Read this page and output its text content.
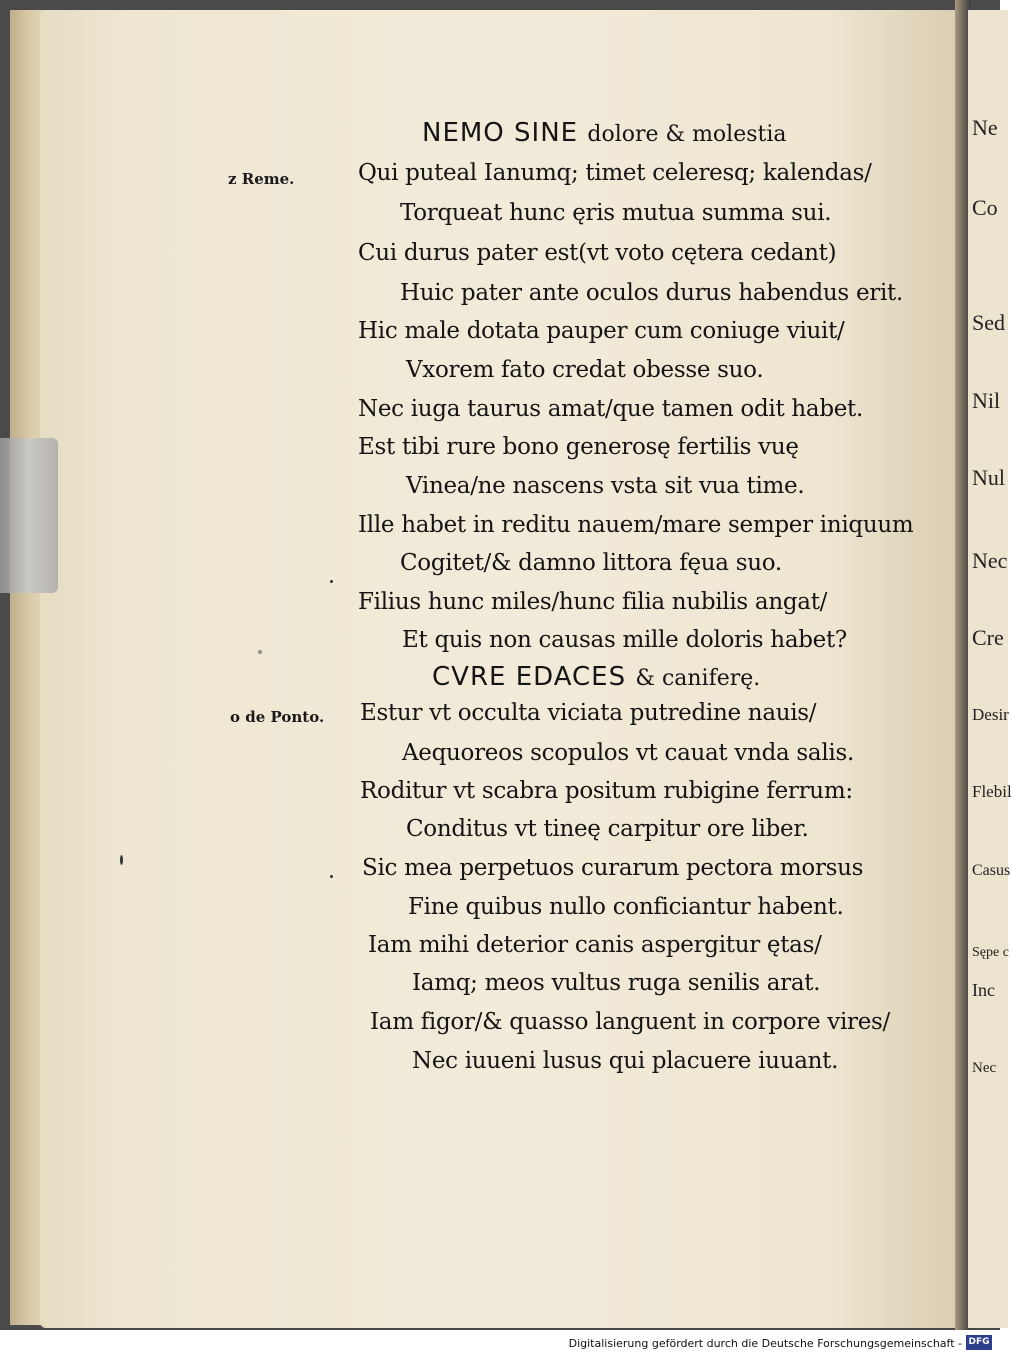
Ne
Co
Sed
Nil
Nul
Nec
Cre
Desir
Flebil
Casus
Sępe c
Inc
Nec
NEMO SINE dolore & molestia
z Reme.	Qui puteal Ianumq; timet celeresq; kalendas/
Torqueat hunc ęris mutua summa sui.
Cui durus pater est(vt voto cętera cedant)
Huic pater ante oculos durus habendus erit.
Hic male dotata pauper cum coniuge viuit/
Vxorem fato credat obesse suo.
Nec iuga taurus amat/que tamen odit habet.
Est tibi rure bono generosę fertilis vuę
Vinea/ne nascens vsta sit vua time.
Ille habet in reditu nauem/mare semper iniquum
Cogitet/& damno littora fęua suo.
Filius hunc miles/hunc filia nubilis angat/
Et quis non causas mille doloris habet?
CVRE EDACES & caniferę.
o de Ponto. Estur vt occulta viciata putredine nauis/
Aequoreos scopulos vt cauat vnda salis.
Roditur vt scabra positum rubigine ferrum:
Conditus vt tineę carpitur ore liber.
Sic mea perpetuos curarum pectora morsus
Fine quibus nullo conficiantur habent.
Iam mihi deterior canis aspergitur ętas/
Iamq; meos vultus ruga senilis arat.
Iam figor/& quasso languent in corpore vires/
Nec iuueni lusus qui placuere iuuant.
Digitalisierung gefördert durch die Deutsche Forschungsgemeinschaft - DFG
